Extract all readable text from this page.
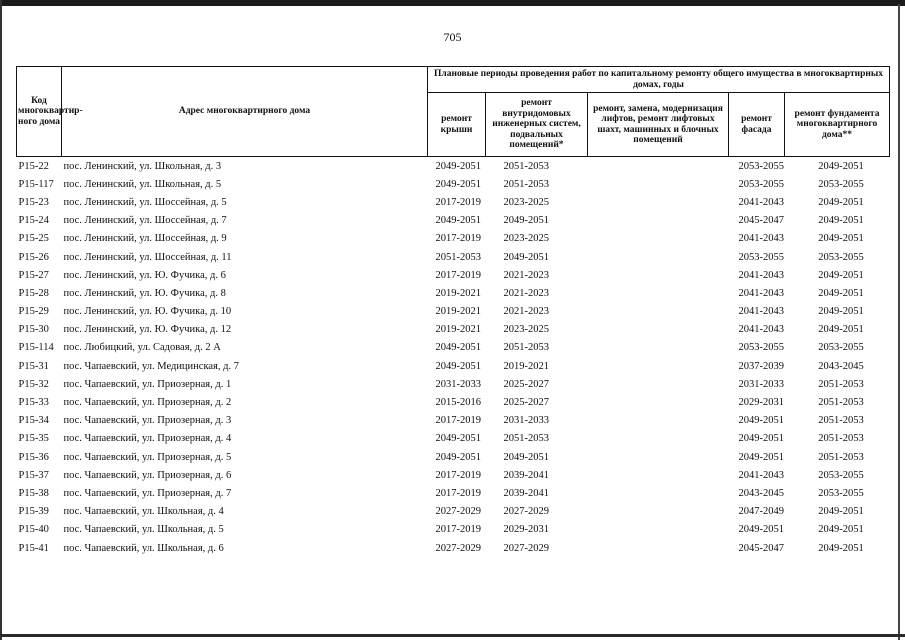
705
Код многоквартир-ного дома	Адрес многоквартирного дома	Плановые периоды проведения работ по капитальному ремонту общего имущества в многоквартирных домах, годы				
		ремонт крыши	ремонт внутридомовых инженерных систем, подвальных помещений*	ремонт, замена, модернизация лифтов, ремонт лифтовых шахт, машинных и блочных помещений	ремонт фасада	ремонт фундамента многоквартирного дома**
P15-22	пос. Ленинский, ул. Школьная, д. 3	2049-2051	2051-2053		2053-2055	2049-2051
P15-117	пос. Ленинский, ул. Школьная, д. 5	2049-2051	2051-2053		2053-2055	2053-2055
P15-23	пос. Ленинский, ул. Шоссейная, д. 5	2017-2019	2023-2025		2041-2043	2049-2051
P15-24	пос. Ленинский, ул. Шоссейная, д. 7	2049-2051	2049-2051		2045-2047	2049-2051
P15-25	пос. Ленинский, ул. Шоссейная, д. 9	2017-2019	2023-2025		2041-2043	2049-2051
P15-26	пос. Ленинский, ул. Шоссейная, д. 11	2051-2053	2049-2051		2053-2055	2053-2055
P15-27	пос. Ленинский, ул. Ю. Фучика, д. 6	2017-2019	2021-2023		2041-2043	2049-2051
P15-28	пос. Ленинский, ул. Ю. Фучика, д. 8	2019-2021	2021-2023		2041-2043	2049-2051
P15-29	пос. Ленинский, ул. Ю. Фучика, д. 10	2019-2021	2021-2023		2041-2043	2049-2051
P15-30	пос. Ленинский, ул. Ю. Фучика, д. 12	2019-2021	2023-2025		2041-2043	2049-2051
P15-114	пос. Любицкий, ул. Садовая, д. 2 А	2049-2051	2051-2053		2053-2055	2053-2055
P15-31	пос. Чапаевский, ул. Медицинская, д. 7	2049-2051	2019-2021		2037-2039	2043-2045
P15-32	пос. Чапаевский, ул. Приозерная, д. 1	2031-2033	2025-2027		2031-2033	2051-2053
P15-33	пос. Чапаевский, ул. Приозерная, д. 2	2015-2016	2025-2027		2029-2031	2051-2053
P15-34	пос. Чапаевский, ул. Приозерная, д. 3	2017-2019	2031-2033		2049-2051	2051-2053
P15-35	пос. Чапаевский, ул. Приозерная, д. 4	2049-2051	2051-2053		2049-2051	2051-2053
P15-36	пос. Чапаевский, ул. Приозерная, д. 5	2049-2051	2049-2051		2049-2051	2051-2053
P15-37	пос. Чапаевский, ул. Приозерная, д. 6	2017-2019	2039-2041		2041-2043	2053-2055
P15-38	пос. Чапаевский, ул. Приозерная, д. 7	2017-2019	2039-2041		2043-2045	2053-2055
P15-39	пос. Чапаевский, ул. Школьная, д. 4	2027-2029	2027-2029		2047-2049	2049-2051
P15-40	пос. Чапаевский, ул. Школьная, д. 5	2017-2019	2029-2031		2049-2051	2049-2051
P15-41	пос. Чапаевский, ул. Школьная, д. 6	2027-2029	2027-2029		2045-2047	2049-2051
